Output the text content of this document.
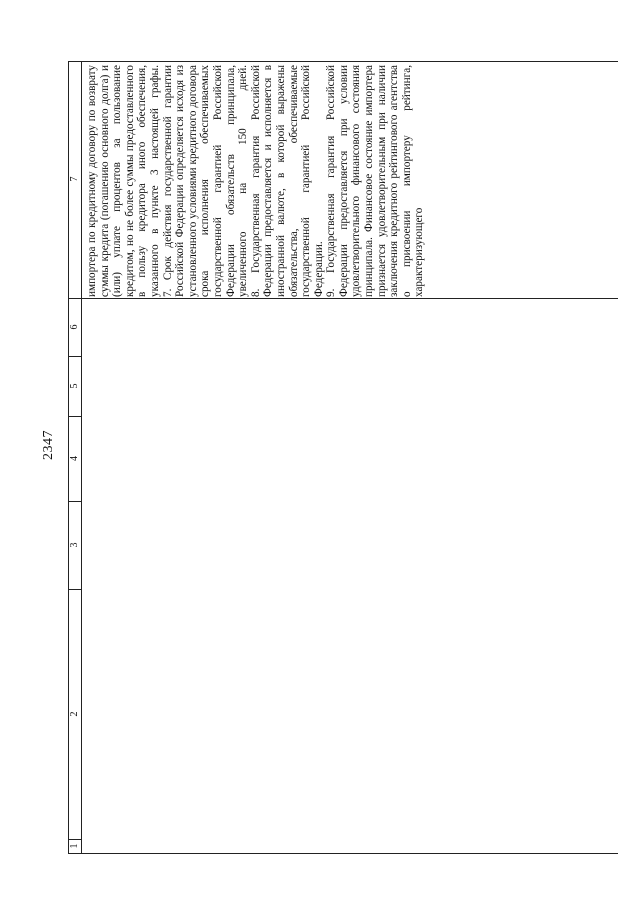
2347
1
2
3
4
5
6
7 импортера по кредитному договору по возврату суммы кредита (погашению основного долга) и (или) уплате процентов за пользование кредитом, но не более суммы предоставленного в пользу кредитора иного обеспечения, указанного в пункте 3 настоящей графы. 7. Срок действия государственной гарантии Российской Федерации определяется исходя из установленного условиями кредитного договора срока исполнения обеспечиваемых государственной гарантией Российской Федерации обязательств принципала, увеличенного на 150 дней. 8. Государственная гарантия Российской Федерации предоставляется и исполняется в иностранной валюте, в которой выражены обязательства, обеспечиваемые государственной гарантией Российской Федерации. 9. Государственная гарантия Российской Федерации предоставляется при условии удовлетворительного финансового состояния принципала. Финансовое состояние импортера признается удовлетворительным при наличии заключения кредитного рейтингового агентства о присвоении импортеру рейтинга, характеризующего
